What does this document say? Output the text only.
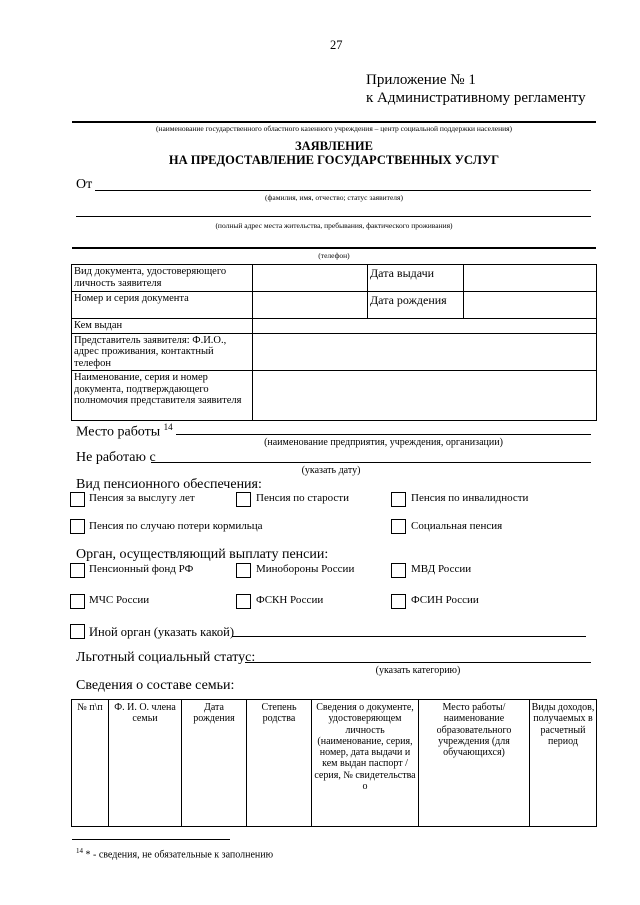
27
Приложение № 1
к Административному регламенту
(наименование государственного областного казенного учреждения – центр социальной поддержки населения)
ЗАЯВЛЕНИЕ
НА ПРЕДОСТАВЛЕНИЕ ГОСУДАРСТВЕННЫХ УСЛУГ
От
(фамилия, имя, отчество; статус заявителя)
(полный адрес места жительства, пребывания, фактического проживания)
(телефон)
Вид документа, удостоверяющего личность заявителя		Дата выдачи	
Номер и серия документа		Дата рождения	
Кем выдан			
Представитель заявителя: Ф.И.О., адрес проживания, контактный телефон			
Наименование, серия и номер документа, подтверждающего полномочия представителя заявителя			
Место работы $^{14}$
(наименование предприятия, учреждения, организации)
Не работаю с
(указать дату)
Вид пенсионного обеспечения:
Пенсия за выслугу лет	Пенсия по старости	Пенсия по инвалидности
Пенсия по случаю потери кормильца	Социальная пенсия
Орган, осуществляющий выплату пенсии:
Пенсионный фонд РФ	Минобороны России	МВД России
МЧС России	ФСКН России	ФСИН России
Иной орган (указать какой)
Льготный социальный статус:
(указать категорию)
Сведения о составе семьи:
№ п\п	Ф. И. О. члена семьи	Дата рождения	Степень родства	Сведения о документе, удостоверяющем личность (наименование, серия, номер, дата выдачи и кем выдан паспорт / серия, № свидетельства о	Место работы/ наименование образовательного учреждения (для обучающихся)	Виды доходов, получаемых в расчетный период
$^{14}$ * - сведения, не обязательные к заполнению
